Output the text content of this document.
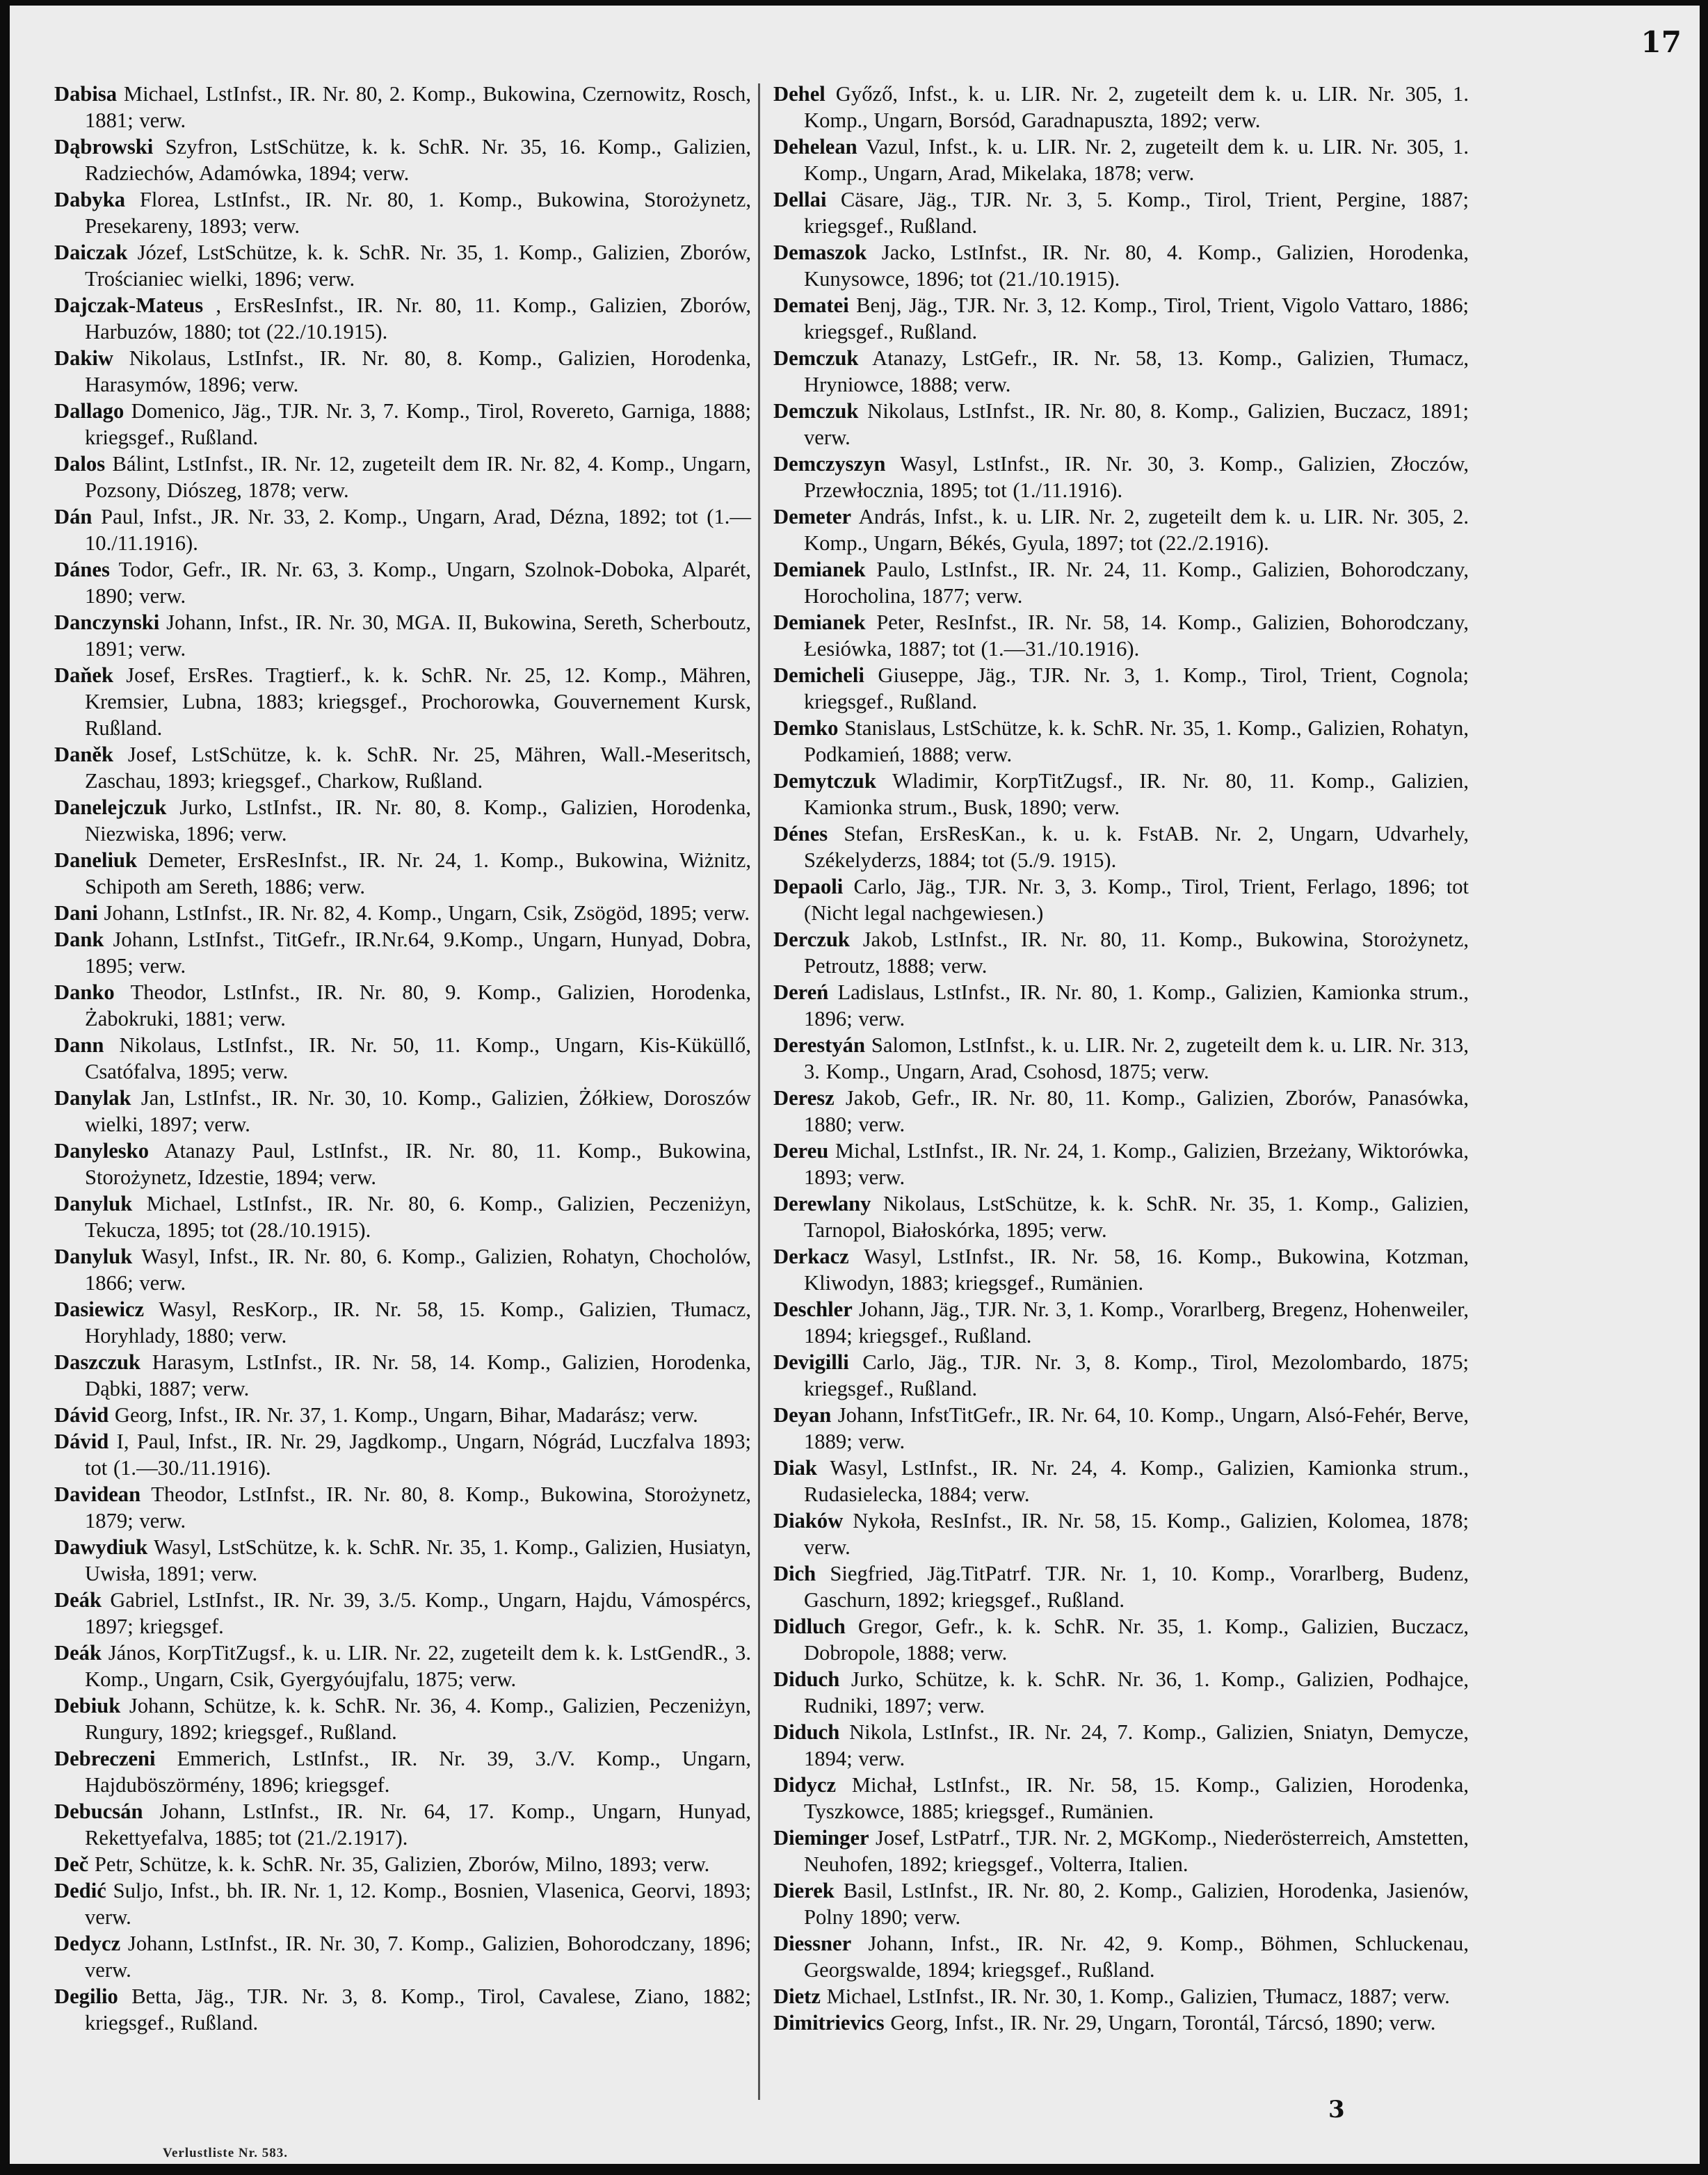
17

Dabisa Michael, LstInfst., IR. Nr. 80, 2. Komp., Bukowina, Czernowitz, Rosch, 1881; verw.

Dąbrowski Szyfron, LstSchütze, k. k. SchR. Nr. 35, 16. Komp., Galizien, Radziechów, Adamówka, 1894; verw.

Dabyka Florea, LstInfst., IR. Nr. 80, 1. Komp., Bukowina, Storożynetz, Presekareny, 1893; verw.

Daiczak Józef, LstSchütze, k. k. SchR. Nr. 35, 1. Komp., Galizien, Zborów, Trościaniec wielki, 1896; verw.

Dajczak-Mateus , ErsResInfst., IR. Nr. 80, 11. Komp., Galizien, Zborów, Harbuzów, 1880; tot (22./10.1915).

Dakiw Nikolaus, LstInfst., IR. Nr. 80, 8. Komp., Galizien, Horodenka, Harasymów, 1896; verw.

Dallago Domenico, Jäg., TJR. Nr. 3, 7. Komp., Tirol, Rovereto, Garniga, 1888; kriegsgef., Rußland.

Dalos Bálint, LstInfst., IR. Nr. 12, zugeteilt dem IR. Nr. 82, 4. Komp., Ungarn, Pozsony, Diószeg, 1878; verw.

Dán Paul, Infst., JR. Nr. 33, 2. Komp., Ungarn, Arad, Dézna, 1892; tot (1.—10./11.1916).

Dánes Todor, Gefr., IR. Nr. 63, 3. Komp., Ungarn, Szolnok-Doboka, Alparét, 1890; verw.

Danczynski Johann, Infst., IR. Nr. 30, MGA. II, Bukowina, Sereth, Scherboutz, 1891; verw.

Daňek Josef, ErsRes. Tragtierf., k. k. SchR. Nr. 25, 12. Komp., Mähren, Kremsier, Lubna, 1883; kriegsgef., Prochorowka, Gouvernement Kursk, Rußland.

Daněk Josef, LstSchütze, k. k. SchR. Nr. 25, Mähren, Wall.-Meseritsch, Zaschau, 1893; kriegsgef., Charkow, Rußland.

Danelejczuk Jurko, LstInfst., IR. Nr. 80, 8. Komp., Galizien, Horodenka, Niezwiska, 1896; verw.

Daneliuk Demeter, ErsResInfst., IR. Nr. 24, 1. Komp., Bukowina, Wiżnitz, Schipoth am Sereth, 1886; verw.

Dani Johann, LstInfst., IR. Nr. 82, 4. Komp., Ungarn, Csik, Zsögöd, 1895; verw.

Dank Johann, LstInfst., TitGefr., IR.Nr.64, 9.Komp., Ungarn, Hunyad, Dobra, 1895; verw.

Danko Theodor, LstInfst., IR. Nr. 80, 9. Komp., Galizien, Horodenka, Żabokruki, 1881; verw.

Dann Nikolaus, LstInfst., IR. Nr. 50, 11. Komp., Ungarn, Kis-Küküllő, Csatófalva, 1895; verw.

Danylak Jan, LstInfst., IR. Nr. 30, 10. Komp., Galizien, Żółkiew, Doroszów wielki, 1897; verw.

Danylesko Atanazy Paul, LstInfst., IR. Nr. 80, 11. Komp., Bukowina, Storożynetz, Idzestie, 1894; verw.

Danyluk Michael, LstInfst., IR. Nr. 80, 6. Komp., Galizien, Peczeniżyn, Tekucza, 1895; tot (28./10.1915).

Danyluk Wasyl, Infst., IR. Nr. 80, 6. Komp., Galizien, Rohatyn, Chocholów, 1866; verw.

Dasiewicz Wasyl, ResKorp., IR. Nr. 58, 15. Komp., Galizien, Tłumacz, Horyhlady, 1880; verw.

Daszczuk Harasym, LstInfst., IR. Nr. 58, 14. Komp., Galizien, Horodenka, Dąbki, 1887; verw.

Dávid Georg, Infst., IR. Nr. 37, 1. Komp., Ungarn, Bihar, Madarász; verw.

Dávid I, Paul, Infst., IR. Nr. 29, Jagdkomp., Ungarn, Nógrád, Luczfalva 1893; tot (1.—30./11.1916).

Davidean Theodor, LstInfst., IR. Nr. 80, 8. Komp., Bukowina, Storożynetz, 1879; verw.

Dawydiuk Wasyl, LstSchütze, k. k. SchR. Nr. 35, 1. Komp., Galizien, Husiatyn, Uwisła, 1891; verw.

Deák Gabriel, LstInfst., IR. Nr. 39, 3./5. Komp., Ungarn, Hajdu, Vámospércs, 1897; kriegsgef.

Deák János, KorpTitZugsf., k. u. LIR. Nr. 22, zugeteilt dem k. k. LstGendR., 3. Komp., Ungarn, Csik, Gyergyóujfalu, 1875; verw.

Debiuk Johann, Schütze, k. k. SchR. Nr. 36, 4. Komp., Galizien, Peczeniżyn, Rungury, 1892; kriegsgef., Rußland.

Debreczeni Emmerich, LstInfst., IR. Nr. 39, 3./V. Komp., Ungarn, Hajduböszörmény, 1896; kriegsgef.

Debucsán Johann, LstInfst., IR. Nr. 64, 17. Komp., Ungarn, Hunyad, Rekettyefalva, 1885; tot (21./2.1917).

Deč Petr, Schütze, k. k. SchR. Nr. 35, Galizien, Zborów, Milno, 1893; verw.

Dedić Suljo, Infst., bh. IR. Nr. 1, 12. Komp., Bosnien, Vlasenica, Georvi, 1893; verw.

Dedycz Johann, LstInfst., IR. Nr. 30, 7. Komp., Galizien, Bohorodczany, 1896; verw.

Degilio Betta, Jäg., TJR. Nr. 3, 8. Komp., Tirol, Cavalese, Ziano, 1882; kriegsgef., Rußland.

Dehel Győző, Infst., k. u. LIR. Nr. 2, zugeteilt dem k. u. LIR. Nr. 305, 1. Komp., Ungarn, Borsód, Garadnapuszta, 1892; verw.

Dehelean Vazul, Infst., k. u. LIR. Nr. 2, zugeteilt dem k. u. LIR. Nr. 305, 1. Komp., Ungarn, Arad, Mikelaka, 1878; verw.

Dellai Cäsare, Jäg., TJR. Nr. 3, 5. Komp., Tirol, Trient, Pergine, 1887; kriegsgef., Rußland.

Demaszok Jacko, LstInfst., IR. Nr. 80, 4. Komp., Galizien, Horodenka, Kunysowce, 1896; tot (21./10.1915).

Dematei Benj, Jäg., TJR. Nr. 3, 12. Komp., Tirol, Trient, Vigolo Vattaro, 1886; kriegsgef., Rußland.

Demczuk Atanazy, LstGefr., IR. Nr. 58, 13. Komp., Galizien, Tłumacz, Hryniowce, 1888; verw.

Demczuk Nikolaus, LstInfst., IR. Nr. 80, 8. Komp., Galizien, Buczacz, 1891; verw.

Demczyszyn Wasyl, LstInfst., IR. Nr. 30, 3. Komp., Galizien, Złoczów, Przewłocznia, 1895; tot (1./11.1916).

Demeter András, Infst., k. u. LIR. Nr. 2, zugeteilt dem k. u. LIR. Nr. 305, 2. Komp., Ungarn, Békés, Gyula, 1897; tot (22./2.1916).

Demianek Paulo, LstInfst., IR. Nr. 24, 11. Komp., Galizien, Bohorodczany, Horocholina, 1877; verw.

Demianek Peter, ResInfst., IR. Nr. 58, 14. Komp., Galizien, Bohorodczany, Łesiówka, 1887; tot (1.—31./10.1916).

Demicheli Giuseppe, Jäg., TJR. Nr. 3, 1. Komp., Tirol, Trient, Cognola; kriegsgef., Rußland.

Demko Stanislaus, LstSchütze, k. k. SchR. Nr. 35, 1. Komp., Galizien, Rohatyn, Podkamień, 1888; verw.

Demytczuk Wladimir, KorpTitZugsf., IR. Nr. 80, 11. Komp., Galizien, Kamionka strum., Busk, 1890; verw.

Dénes Stefan, ErsResKan., k. u. k. FstAB. Nr. 2, Ungarn, Udvarhely, Székelyderzs, 1884; tot (5./9. 1915).

Depaoli Carlo, Jäg., TJR. Nr. 3, 3. Komp., Tirol, Trient, Ferlago, 1896; tot (Nicht legal nachgewiesen.)

Derczuk Jakob, LstInfst., IR. Nr. 80, 11. Komp., Bukowina, Storożynetz, Petroutz, 1888; verw.

Dereń Ladislaus, LstInfst., IR. Nr. 80, 1. Komp., Galizien, Kamionka strum., 1896; verw.

Derestyán Salomon, LstInfst., k. u. LIR. Nr. 2, zugeteilt dem k. u. LIR. Nr. 313, 3. Komp., Ungarn, Arad, Csohosd, 1875; verw.

Deresz Jakob, Gefr., IR. Nr. 80, 11. Komp., Galizien, Zborów, Panasówka, 1880; verw.

Dereu Michal, LstInfst., IR. Nr. 24, 1. Komp., Galizien, Brzeżany, Wiktorówka, 1893; verw.

Derewlany Nikolaus, LstSchütze, k. k. SchR. Nr. 35, 1. Komp., Galizien, Tarnopol, Białoskórka, 1895; verw.

Derkacz Wasyl, LstInfst., IR. Nr. 58, 16. Komp., Bukowina, Kotzman, Kliwodyn, 1883; kriegsgef., Rumänien.

Deschler Johann, Jäg., TJR. Nr. 3, 1. Komp., Vorarlberg, Bregenz, Hohenweiler, 1894; kriegsgef., Rußland.

Devigilli Carlo, Jäg., TJR. Nr. 3, 8. Komp., Tirol, Mezolombardo, 1875; kriegsgef., Rußland.

Deyan Johann, InfstTitGefr., IR. Nr. 64, 10. Komp., Ungarn, Alsó-Fehér, Berve, 1889; verw.

Diak Wasyl, LstInfst., IR. Nr. 24, 4. Komp., Galizien, Kamionka strum., Rudasielecka, 1884; verw.

Diaków Nykoła, ResInfst., IR. Nr. 58, 15. Komp., Galizien, Kolomea, 1878; verw.

Dich Siegfried, Jäg.TitPatrf. TJR. Nr. 1, 10. Komp., Vorarlberg, Budenz, Gaschurn, 1892; kriegsgef., Rußland.

Didluch Gregor, Gefr., k. k. SchR. Nr. 35, 1. Komp., Galizien, Buczacz, Dobropole, 1888; verw.

Diduch Jurko, Schütze, k. k. SchR. Nr. 36, 1. Komp., Galizien, Podhajce, Rudniki, 1897; verw.

Diduch Nikola, LstInfst., IR. Nr. 24, 7. Komp., Galizien, Sniatyn, Demycze, 1894; verw.

Didycz Michał, LstInfst., IR. Nr. 58, 15. Komp., Galizien, Horodenka, Tyszkowce, 1885; kriegsgef., Rumänien.

Dieminger Josef, LstPatrf., TJR. Nr. 2, MGKomp., Niederösterreich, Amstetten, Neuhofen, 1892; kriegsgef., Volterra, Italien.

Dierek Basil, LstInfst., IR. Nr. 80, 2. Komp., Galizien, Horodenka, Jasienów, Polny 1890; verw.

Diessner Johann, Infst., IR. Nr. 42, 9. Komp., Böhmen, Schluckenau, Georgswalde, 1894; kriegsgef., Rußland.

Dietz Michael, LstInfst., IR. Nr. 30, 1. Komp., Galizien, Tłumacz, 1887; verw.

Dimitrievics Georg, Infst., IR. Nr. 29, Ungarn, Torontál, Tárcsó, 1890; verw.

Verlustliste Nr. 583.
3
